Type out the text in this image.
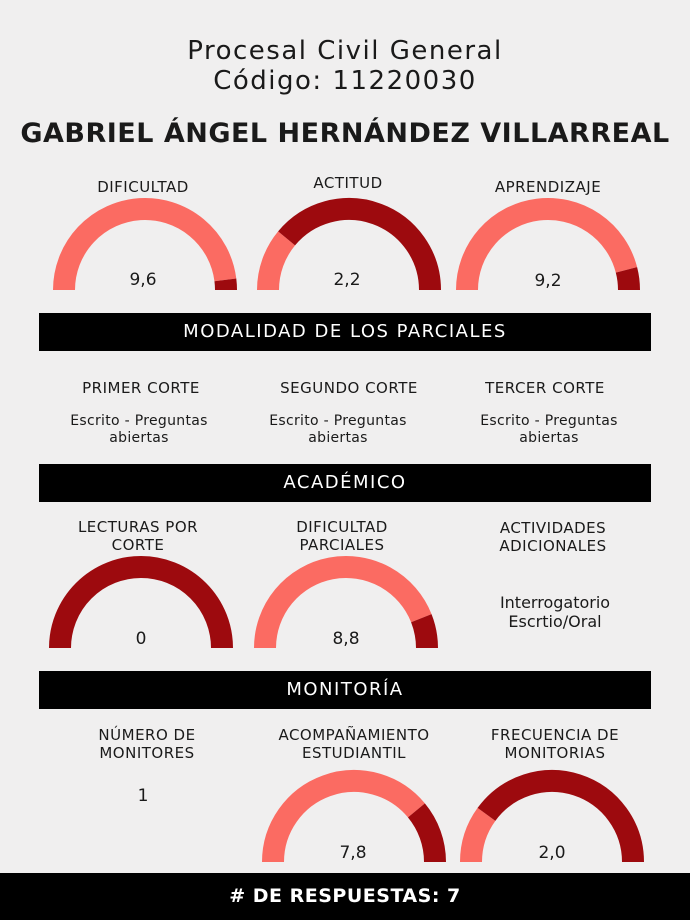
Procesal Civil General
Código: 11220030
GABRIEL ÁNGEL HERNÁNDEZ VILLARREAL
DIFICULTAD	ACTITUD	APRENDIZAJE
9,6	2,2	9,2
MODALIDAD DE LOS PARCIALES
PRIMER CORTE	SEGUNDO CORTE	TERCER CORTE
Escrito - Preguntas
abiertas
Escrito - Preguntas
abiertas
Escrito - Preguntas
abiertas
ACADÉMICO
LECTURAS POR
CORTE
DIFICULTAD
PARCIALES
ACTIVIDADES
ADICIONALES
0	8,8
Interrogatorio
Escrtio/Oral
MONITORÍA
NÚMERO DE
MONITORES
ACOMPAÑAMIENTO
ESTUDIANTIL
FRECUENCIA DE
MONITORIAS
1
7,8	2,0
# DE RESPUESTAS: 7
